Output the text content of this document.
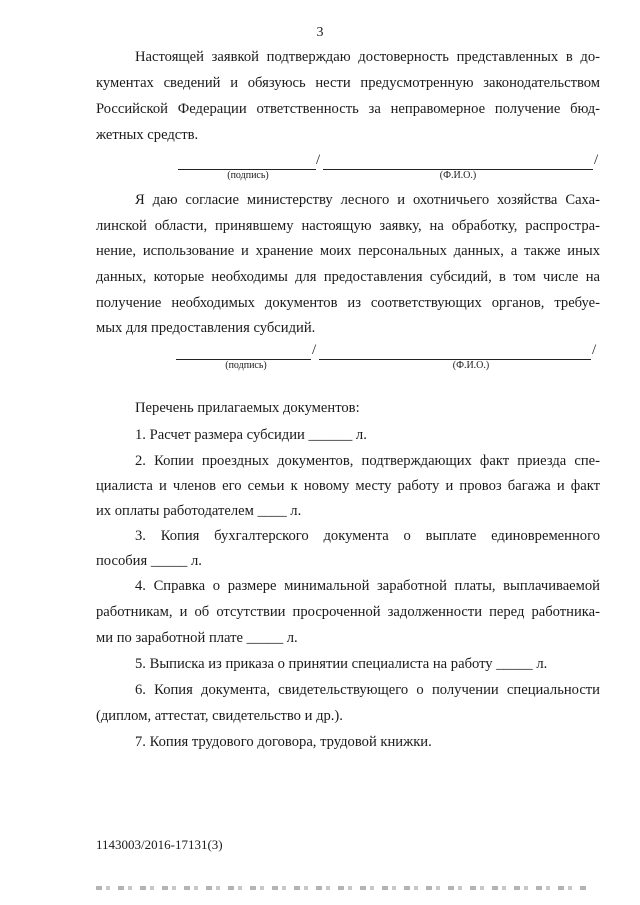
3
Настоящей заявкой подтверждаю достоверность представленных в до-
кументах сведений и обязуюсь нести предусмотренную законодательством
Российской Федерации ответственность за неправомерное получение бюд-
жетных средств.
/	/
(подпись)	(Ф.И.О.)
Я даю согласие министерству лесного и охотничьего хозяйства Саха-
линской области, принявшему настоящую заявку, на обработку, распростра-
нение, использование и хранение моих персональных данных, а также иных
данных, которые необходимы для предоставления субсидий, в том числе на
получение необходимых документов из соответствующих органов, требуе-
мых для предоставления субсидий.
/	/
(подпись)	(Ф.И.О.)
Перечень прилагаемых документов:
1. Расчет размера субсидии ______ л.
2. Копии проездных документов, подтверждающих факт приезда спе-
циалиста и членов его семьи к новому месту работу и провоз багажа и факт
их оплаты работодателем ____ л.
3. Копия бухгалтерского документа о выплате единовременного
пособия _____ л.
4. Справка о размере минимальной заработной платы, выплачиваемой
работникам, и об отсутствии просроченной задолженности перед работника-
ми по заработной плате _____ л.
5. Выписка из приказа о принятии специалиста на работу _____ л.
6. Копия документа, свидетельствующего о получении специальности
(диплом, аттестат, свидетельство и др.).
7. Копия трудового договора, трудовой книжки.
1143003/2016-17131(3)
